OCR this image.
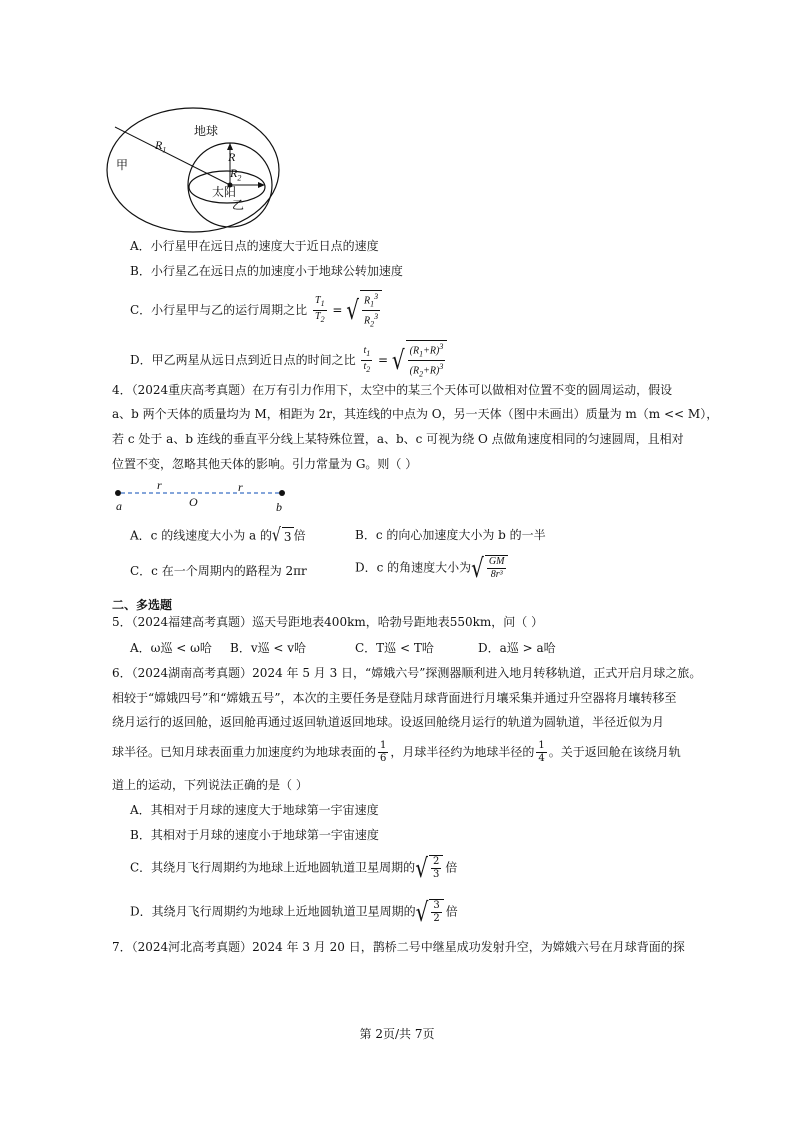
地球
甲
$R_1$
R
$R_2$
太阳
乙
A．小行星甲在远日点的速度大于近日点的速度
B．小行星乙在远日点的加速度小于地球公转加速度
C．小行星甲与乙的运行周期之比 $\frac{T_1}{T_2}$ = √ $\frac{R_1^3}{R_2^3}$
D．甲乙两星从远日点到近日点的时间之比 $\frac{t_1}{t_2}$ = √ $\frac{(R_1+R)^3}{(R_2+R)^3}$
4．（2024重庆高考真题）在万有引力作用下，太空中的某三个天体可以做相对位置不变的圆周运动，假设
a、b 两个天体的质量均为 M，相距为 2r，其连线的中点为 O，另一天体（图中未画出）质量为 m（m << M），
若 c 处于 a、b 连线的垂直平分线上某特殊位置，a、b、c 可视为绕 O 点做角速度相同的匀速圆周，且相对
位置不变，忽略其他天体的影响。引力常量为 G。则（ ）
r	r
a	O	b
A．c 的线速度大小为 a 的√ 3 倍	B．c 的向心加速度大小为 b 的一半
C．c 在一个周期内的路程为 2πr	D．c 的角速度大小为√ $\frac{GM}{\text{8r³}}$
二、多选题
5．（2024福建高考真题）巡天号距地表400km，哈勃号距地表550km，问（ ）
A．ω巡 < ω哈 B．v巡 < v哈	C．T巡 < T哈	D．a巡 > a哈
6．（2024湖南高考真题）2024 年 5 月 3 日，“嫦娥六号”探测器顺利进入地月转移轨道，正式开启月球之旅。
相较于“嫦娥四号”和“嫦娥五号”，本次的主要任务是登陆月球背面进行月壤采集并通过升空器将月壤转移至
绕月运行的返回舱，返回舱再通过返回轨道返回地球。设返回舱绕月运行的轨道为圆轨道，半径近似为月
球半径。已知月球表面重力加速度约为地球表面的 $\frac{1}{6}$ ，月球半径约为地球半径的 $\frac{1}{4}$ 。关于返回舱在该绕月轨
道上的运动，下列说法正确的是（ ）
A．其相对于月球的速度大于地球第一宇宙速度
B．其相对于月球的速度小于地球第一宇宙速度
C．其绕月飞行周期约为地球上近地圆轨道卫星周期的√ $\frac{2}{3}$ 倍
D．其绕月飞行周期约为地球上近地圆轨道卫星周期的√ $\frac{3}{2}$ 倍
7．（2024河北高考真题）2024 年 3 月 20 日，鹊桥二号中继星成功发射升空，为嫦娥六号在月球背面的探
第 2页/共 7页
